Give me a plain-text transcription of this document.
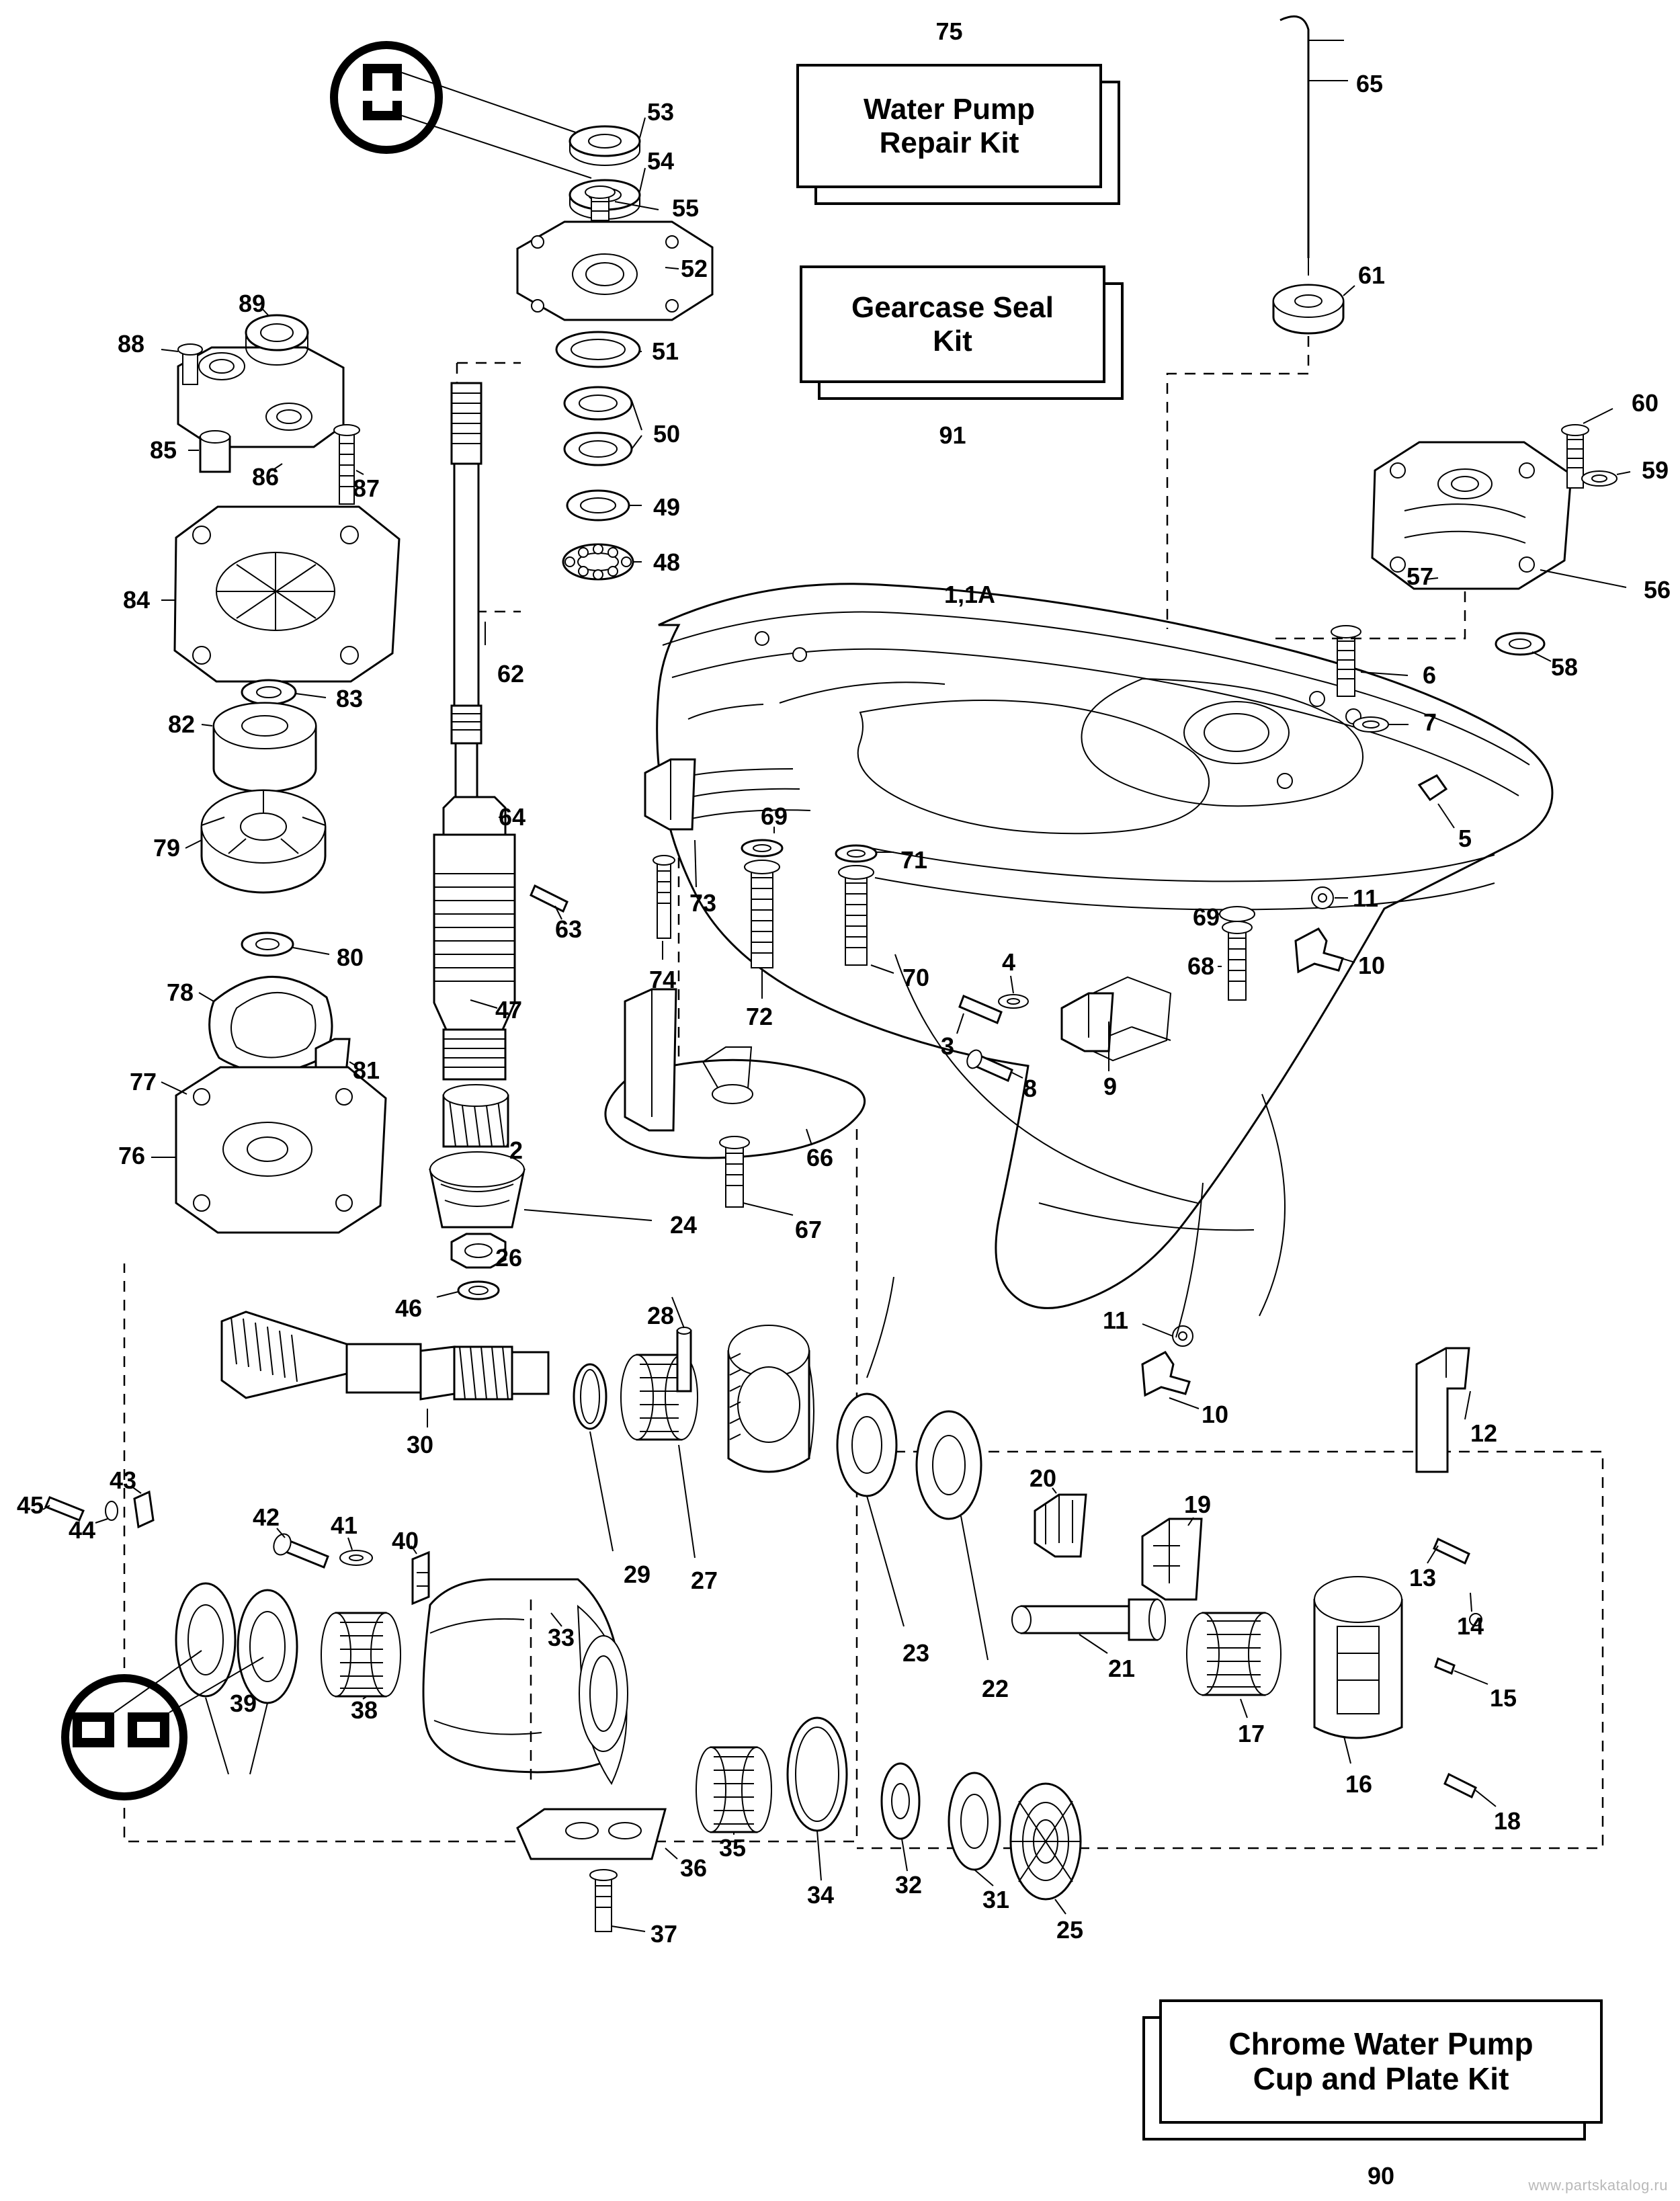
Water Pump
Repair Kit
Gearcase Seal
Kit
Chrome Water Pump
Cup and Plate Kit
53
54
55
52
51
50
49
48
89
88
85
86	87
84
83
82
79
80
78
81
77
76
62
64
63
47
2
26
46
24
28
66
67
73
74
69
72
71
70
4
3
8	9
69
68
11
10
11
10
1,1A
5
6
7
65
61
60
59
57	56
58
12
13
14
15
16
17
18
19
20
21
22
23
25
31
32
34
35
33
36
37
38
39
40
41
42
43
44
45
27
29
30
www.partskatalog.ru
75
91
90
